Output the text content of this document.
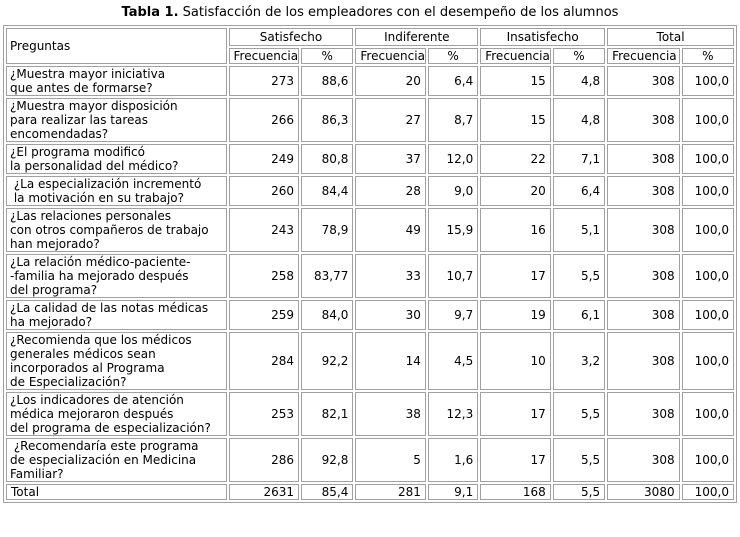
Tabla 1. Satisfacción de los empleadores con el desempeño de los alumnos
Preguntas	Satisfecho		Indiferente		Insatisfecho		Total	
	Frecuencia	%	Frecuencia	%	Frecuencia	%	Frecuencia	%

¿Muestra mayor iniciativa
que antes de formarse?	273	88,6	20	6,4	15	4,8	308	100,0

¿Muestra mayor disposición
para realizar las tareas
encomendadas?	266	86,3	27	8,7	15	4,8	308	100,0

¿El programa modificó
la personalidad del médico?	249	80,8	37	12,0	22	7,1	308	100,0

¿La especialización incrementó
la motivación en su trabajo?	260	84,4	28	9,0	20	6,4	308	100,0

¿Las relaciones personales
con otros compañeros de trabajo
han mejorado?	243	78,9	49	15,9	16	5,1	308	100,0

¿La relación médico-paciente-
-familia ha mejorado después
del programa?	258	83,77	33	10,7	17	5,5	308	100,0

¿La calidad de las notas médicas
ha mejorado?	259	84,0	30	9,7	19	6,1	308	100,0

¿Recomienda que los médicos
generales médicos sean
incorporados al Programa
de Especialización?	284	92,2	14	4,5	10	3,2	308	100,0

¿Los indicadores de atención
médica mejoraron después
del programa de especialización?	253	82,1	38	12,3	17	5,5	308	100,0

¿Recomendaría este programa
de especialización en Medicina
Familiar?	286	92,8	5	1,6	17	5,5	308	100,0
Total	2631	85,4	281	9,1	168	5,5	3080	100,0
